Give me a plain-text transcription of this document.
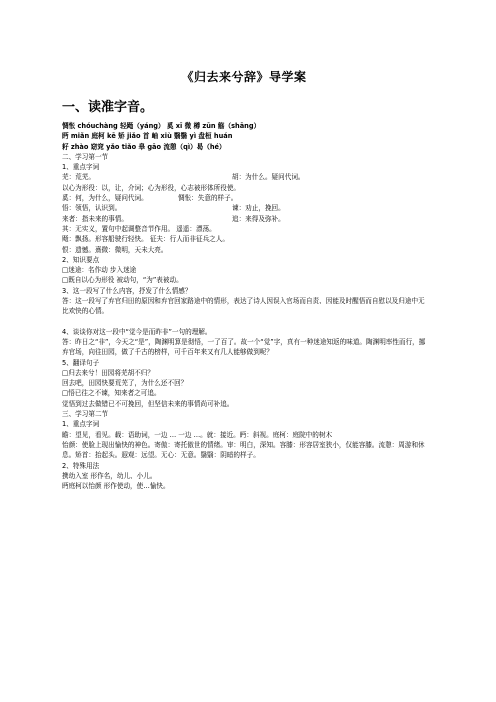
《归去来兮辞》导学案
一、读准字音。

惆怅 chóuchàng 轻飏（yáng） 奚 xī 微 樽 zūn 觞（shāng）

眄 miǎn 庭柯 kē 矫 jiǎo 首 岫 xiù 翳翳 yì 盘桓 huán

耔 zhào 窈窕 yǎo tiǎo 皋 gāo 流憩（qì）曷（hé）

二、学习第一节

1、重点字词

芜：荒芜。	胡：为什么。疑问代词。

以心为形役：以，让，介词；心为形役，心志被形体所役使。

奚：何，为什么，疑问代词。	惆怅：失意的样子。

悟：领悟，认识到。	谏：劝止，挽回。

来者：指未来的事情。	追：来得及弥补。

其：无实义，置句中起调整音节作用。 遥遥：漂荡。

飏：飘扬。形容船驶行轻快。 征夫：行人而非征兵之人。

恨：遗憾。熹微：微明，天未大亮。

2、知识要点

□迷途：名作动 步入迷途

□既自以心为形役 被动句，“为”表被动。

3、这一段写了什么内容，抒发了什么情感？

答：这一段写了弃官归田的原因和弃官回家路途中的情形，表达了诗人因误入官场而自责、因能及时醒悟而自慰以及归途中无比欢快的心情。

4、谈谈你对这一段中“觉今是而昨非”一句的理解。

答：昨日之“非”，今天之“是”，陶渊明算是彻悟，一了百了。故一个“觉”字，真有一种迷途知返的味道。陶渊明率性而行，挪弃官场，向往田园，做了千古的榜样，可千百年来又有几人能够做到呢？

5、翻译句子

□归去来兮！田园将芜胡不归？

回去吧，田园快要荒芜了，为什么还不回？

□悟已往之不谏，知来者之可追。

觉悟到过去做错已不可挽回，但坚信未来的事情尚可补追。

三、学习第二节

1、重点字词

瞻：望见，看见。载：语助词，一边 … 一边 …。就：接近。眄：斜视。庭柯：庭院中的树木

怡颜：使脸上现出愉快的神色。寄傲：寄托傲世的情绪。审：明白，深知。容膝：形容居室狭小，仅能容膝。流憩：周游和休息。矫首：抬起头。遐观：远望。无心：无意。翳翳：阴暗的样子。

2、特殊用法

携幼入室 形作名，幼儿、小儿。

眄庭柯以怡颜 形作使动，使…愉快。
